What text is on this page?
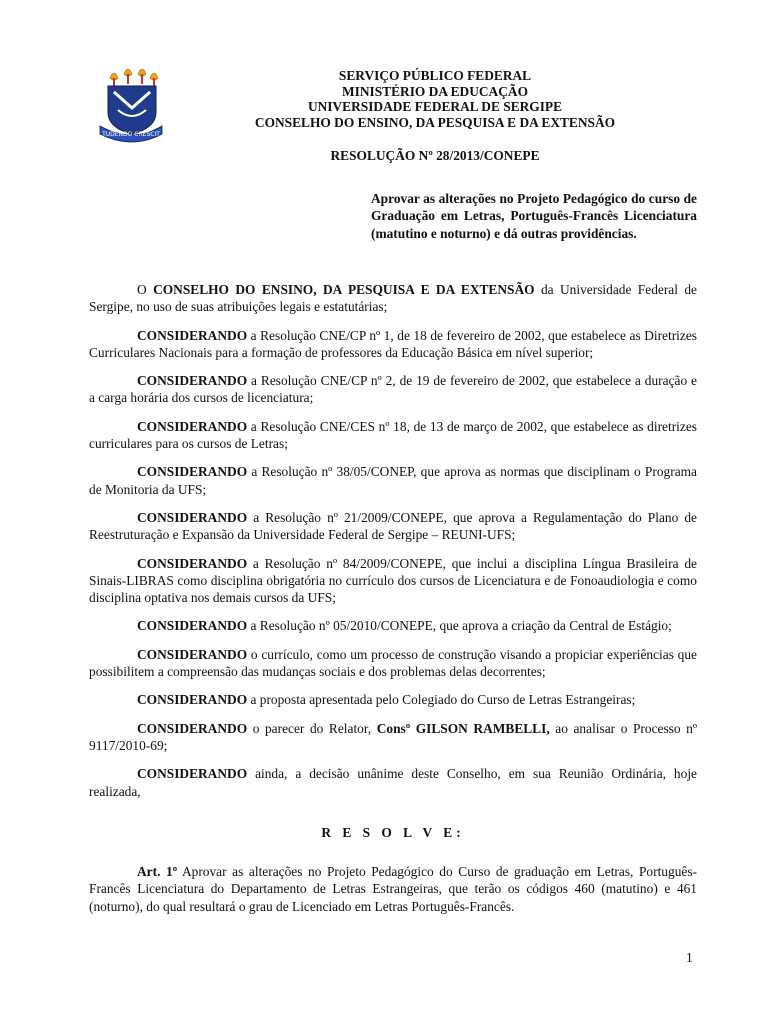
TUDENDO CRESCIT
SERVIÇO PÚBLICO FEDERAL
MINISTÉRIO DA EDUCAÇÃO
UNIVERSIDADE FEDERAL DE SERGIPE
CONSELHO DO ENSINO, DA PESQUISA E DA EXTENSÃO
RESOLUÇÃO Nº 28/2013/CONEPE
Aprovar as alterações no Projeto Pedagógico do curso de Graduação em Letras, Português-Francês Licenciatura (matutino e noturno) e dá outras providências.

O CONSELHO DO ENSINO, DA PESQUISA E DA EXTENSÃO da Universidade Federal de Sergipe, no uso de suas atribuições legais e estatutárias;

CONSIDERANDO a Resolução CNE/CP nº 1, de 18 de fevereiro de 2002, que estabelece as Diretrizes Curriculares Nacionais para a formação de professores da Educação Básica em nível superior;

CONSIDERANDO a Resolução CNE/CP nº 2, de 19 de fevereiro de 2002, que estabelece a duração e a carga horária dos cursos de licenciatura;

CONSIDERANDO a Resolução CNE/CES nº 18, de 13 de março de 2002, que estabelece as diretrizes curriculares para os cursos de Letras;

CONSIDERANDO a Resolução nº 38/05/CONEP, que aprova as normas que disciplinam o Programa de Monitoria da UFS;

CONSIDERANDO a Resolução nº 21/2009/CONEPE, que aprova a Regulamentação do Plano de Reestruturação e Expansão da Universidade Federal de Sergipe – REUNI-UFS;

CONSIDERANDO a Resolução nº 84/2009/CONEPE, que inclui a disciplina Língua Brasileira de Sinais-LIBRAS como disciplina obrigatória no currículo dos cursos de Licenciatura e de Fonoaudiologia e como disciplina optativa nos demais cursos da UFS;

CONSIDERANDO a Resolução nº 05/2010/CONEPE, que aprova a criação da Central de Estágio;

CONSIDERANDO o currículo, como um processo de construção visando a propiciar experiências que possibilitem a compreensão das mudanças sociais e dos problemas delas decorrentes;

CONSIDERANDO a proposta apresentada pelo Colegiado do Curso de Letras Estrangeiras;

CONSIDERANDO o parecer do Relator, Consº GILSON RAMBELLI, ao analisar o Processo nº 9117/2010-69;

CONSIDERANDO ainda, a decisão unânime deste Conselho, em sua Reunião Ordinária, hoje realizada,

R E S O L V E:

Art. 1º Aprovar as alterações no Projeto Pedagógico do Curso de graduação em Letras, Português-Francês Licenciatura do Departamento de Letras Estrangeiras, que terão os códigos 460 (matutino) e 461 (noturno), do qual resultará o grau de Licenciado em Letras Português-Francês.

1
